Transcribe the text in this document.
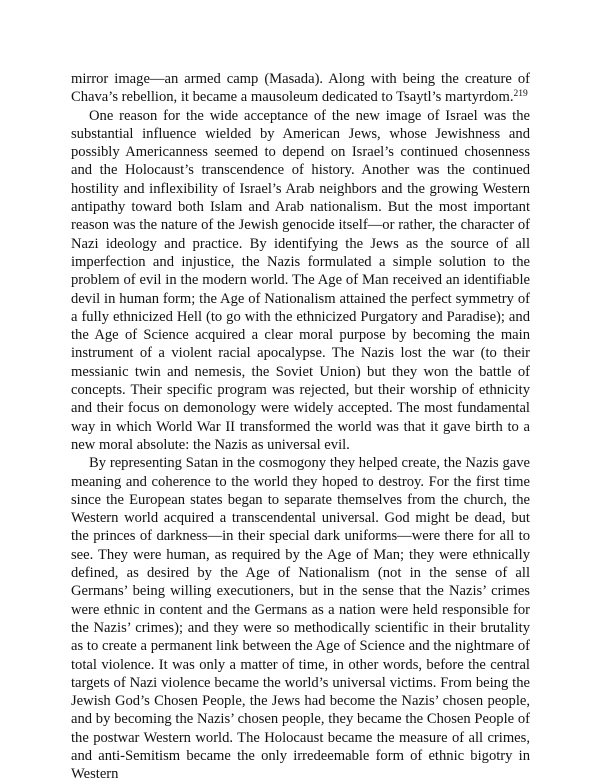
mirror image—an armed camp (Masada). Along with being the creature of Chava’s rebellion, it became a mausoleum dedicated to Tsaytl’s martyrdom.$^{219}$

One reason for the wide acceptance of the new image of Israel was the substantial influence wielded by American Jews, whose Jewishness and possibly Americanness seemed to depend on Israel’s continued chosenness and the Holocaust’s transcendence of history. Another was the continued hostility and inflexibility of Israel’s Arab neighbors and the growing Western antipathy toward both Islam and Arab nationalism. But the most important reason was the nature of the Jewish genocide itself—or rather, the character of Nazi ideology and practice. By identifying the Jews as the source of all imperfection and injustice, the Nazis formulated a simple solution to the problem of evil in the modern world. The Age of Man received an identifiable devil in human form; the Age of Nationalism attained the perfect symmetry of a fully ethnicized Hell (to go with the ethnicized Purgatory and Paradise); and the Age of Science acquired a clear moral purpose by becoming the main instrument of a violent racial apocalypse. The Nazis lost the war (to their messianic twin and nemesis, the Soviet Union) but they won the battle of concepts. Their specific program was rejected, but their worship of ethnicity and their focus on demonology were widely accepted. The most fundamental way in which World War II transformed the world was that it gave birth to a new moral absolute: the Nazis as universal evil.

By representing Satan in the cosmogony they helped create, the Nazis gave meaning and coherence to the world they hoped to destroy. For the first time since the European states began to separate themselves from the church, the Western world acquired a transcendental universal. God might be dead, but the princes of darkness—in their special dark uniforms—were there for all to see. They were human, as required by the Age of Man; they were ethnically defined, as desired by the Age of Nationalism (not in the sense of all Germans’ being willing executioners, but in the sense that the Nazis’ crimes were ethnic in content and the Germans as a nation were held responsible for the Nazis’ crimes); and they were so methodically scientific in their brutality as to create a permanent link between the Age of Science and the nightmare of total violence. It was only a matter of time, in other words, before the central targets of Nazi violence became the world’s universal victims. From being the Jewish God’s Chosen People, the Jews had become the Nazis’ chosen people, and by becoming the Nazis’ chosen people, they became the Chosen People of the postwar Western world. The Holocaust became the measure of all crimes, and anti-Semitism became the only irredeemable form of ethnic bigotry in Western
